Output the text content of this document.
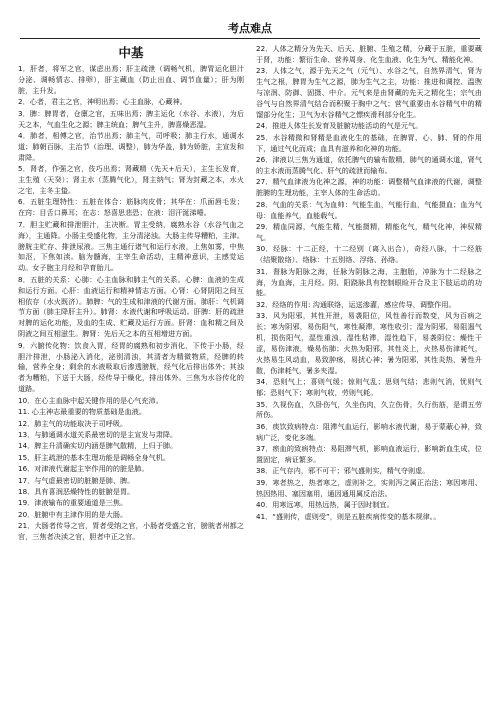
考点难点
中基

1．肝者，将军之官，谋虑出焉；肝主疏泄（调畅气机，脾胃运化胆汁分泌、调畅情志、排卵），肝主藏血（防止出血、调节血量）；肝为刚脏，主升发。

2．心者，君主之官，神明出焉；心主血脉，心藏神。

3．脾：脾胃者，仓廪之官，五味出焉；脾主运化（水谷、水液），为后天之本，气血生化之源；脾主统血；脾气主升，脾喜燥恶湿。

4．肺者，相傅之官，治节出焉；肺主气，司呼吸；肺主行水，通调水道；肺朝百脉，主治节（治理、调整），肺为华盖，肺为娇脏，主宣发和肃降。

5．肾者，作强之官，伎巧出焉；肾藏精（先天+后天），主生长发育，主生殖（天癸）；肾主水（蒸腾气化），肾主纳气；肾为封藏之本，水火之宅，主冬主蛰。

6．五脏生理特性：五脏在体合：筋脉肉皮骨；其华在：爪面唇毛发；在窍：目舌口鼻耳；在志：怒喜思悲恐；在液：泪汗涎涕唾。

7．胆主贮藏和排泄胆汁，主决断。胃主受纳，腐熟水谷（水谷气血之海），主通降。小肠主受盛化物，主分清泌浊。大肠主传导糟粕，主津。膀胱主贮存、排泄尿液。三焦主通行诸气和运行水液，上焦如雾，中焦如沤，下焦如渎。脑为髓海，主宰生命活动，主精神意识，主感觉运动。女子胞主月经和孕育胎儿。

8．五脏的关系：心肺：心主血脉和肺主气的关系。心脾：血液的生成和运行方面。心肝：血液运行和精神情志方面。心肾：心肾阴阳之间互相依存（水火既济）。肺脾：气的生成和津液的代谢方面。肺肝：气机调节方面（肺主降肝主升）。肺肾：水液代谢和呼吸运动。肝脾：肝的疏泄对脾的运化功能，及血的生成、贮藏及运行方面。肝肾：血和精之间及阴液之间互相滋生。脾肾：先后天之本的互相增进方面。

9．六腑传化物：饮食入胃，经胃的腐熟和初步消化，下传于小肠，经胆汁排泄，小肠泌入消化，泌别清浊，其清者为精微物质，经脾的转输，营养全身；剩余的水液吸取后渗透膀胱，经气化后排出体外；其浊者为糟粕，下送于大肠，经传导于燥化，排出体外。三焦为水谷传化的道路。

10．在心主血脉中起关键作用的是心气充沛。

11. 心主神志最重要的物质基础是血液。

12．肺主气的功能取决于司呼吸。

13．与肺通调水道关系最密切的是主宣发与肃降。

14．脾主升清确实切内涵是脾气散精，上归于肺。

15．肝主疏泄的基本生理功能是调畅全身气机。

16．对津液代谢起主宰作用的的脏是肺。

17．与气虚最密切的脏腑是肺、脾。

18．具有喜润恶燥特性的脏腑是胃。

19．津液输布的重要通道是三焦。

20．脏腑中有主津作用的是大肠。

21．大肠者传导之官，胃者受纳之官，小肠者受盛之官，膀胱者州都之官，三焦者决渎之官，胆者中正之官。

22．人体之精分为先天、后天、脏腑、生殖之精，分藏于五脏，重要藏于肾，功能：繁衍生命、营养周身、化生血液、化生为气、精能化神。

23．人体之气，源于先天之气（元气）、水谷之气，自然界清气，肾为生气之根，脾胃为生气之源，肺为生气之主，功能：推进和调控、温煦与凉润、防御、固摄、中介。元气来是由肾藏的先天之精化生；宗气由谷气与自然界清气结合而积聚于胸中之气；营气重要由水谷精气中的精馏部分化生；卫气为水谷精气之慓疾滑利部分化生。

24．推进人体生长发育及脏腑功能活动的气是元气。

25．水谷精微和肾精是血液化生的基础，在脾胃、心、肺、肾的作用下，通过气化而成；血具有滋养和化神的功能。

26．津液以三焦为通道，依托脾气的输布散精，肺气的通调水道，肾气的主水液而蒸腾气化、肝气的疏泄而输布。

27．精气血津液为化神之源，神的功能：调整精气血津液的代谢，调整脏腑的生理功能，主宰人体的生命活动。

28．气血的关系：气为血帅：气能生血，气能行血，气能摄血；血为气母：血能养气，血能载气。

29．精血同源，气能生精，气能摄精，精能化气，精气化神，神驭精气。

30．经脉：十二正经，十二经别（离入出合），奇经八脉，十二经筋（结聚散络）、络脉：十五别络、浮络、孙络。

31．督脉为阳脉之海，任脉为阴脉之海，主胞胎，冲脉为十二经脉之海，为血海，主月经。阴、阳跷脉具有控制眼睑开合及主下肢运动的功能。

32．经络的作用: 沟通联络，运送渗灌，感应传导，调整作用。

33．风为阳邪，其性开泄，易袭阳位，风性善行而数变，风为百病之长；寒为阴邪，易伤阳气，寒性凝滞，寒性收引；湿为阴邪，易阻遏气机，损伤阳气，湿性重浊，湿性粘滞，湿性趋下，易袭阴位；燥性干涩，易伤津液，燥易伤肺；火热为阳邪，其性炎上，火热易伤津耗气，火热易生风动血，易致肿疡，易扰心神；暑为阳邪，其性炎热，暑性升散，伤津耗气，暑多夹湿。

34．恐则气上；喜则气缓；惊则气乱；思则气结；悲则气消，忧则气郁；恐则气下；寒则气收，劳则气耗。

35．久视伤血，久卧伤气，久坐伤肉，久立伤骨，久行伤筋，是谓五劳所伤。

36．痰饮致病特点：阻滞气血运行，影响水液代谢，易于蒙蔽心神，致病广泛，变化多端。

37．瘀血的致病特点：易阻滞气机，影响血液运行，影响新血生成，位置固定，病证繁多。

38．正气存内，邪不可干；邪气盛则实，精气夺则虚。

39．寒者热之，热者寒之，虚则补之，实则泻之属正治法；寒因寒用、热因热用、塞因塞用，通因通用属反治法。

40．用寒远寒，用热远热，属于因时制宜。

41．“盛则传，虚则受”，则是五脏疾病传变的基本规律。。
